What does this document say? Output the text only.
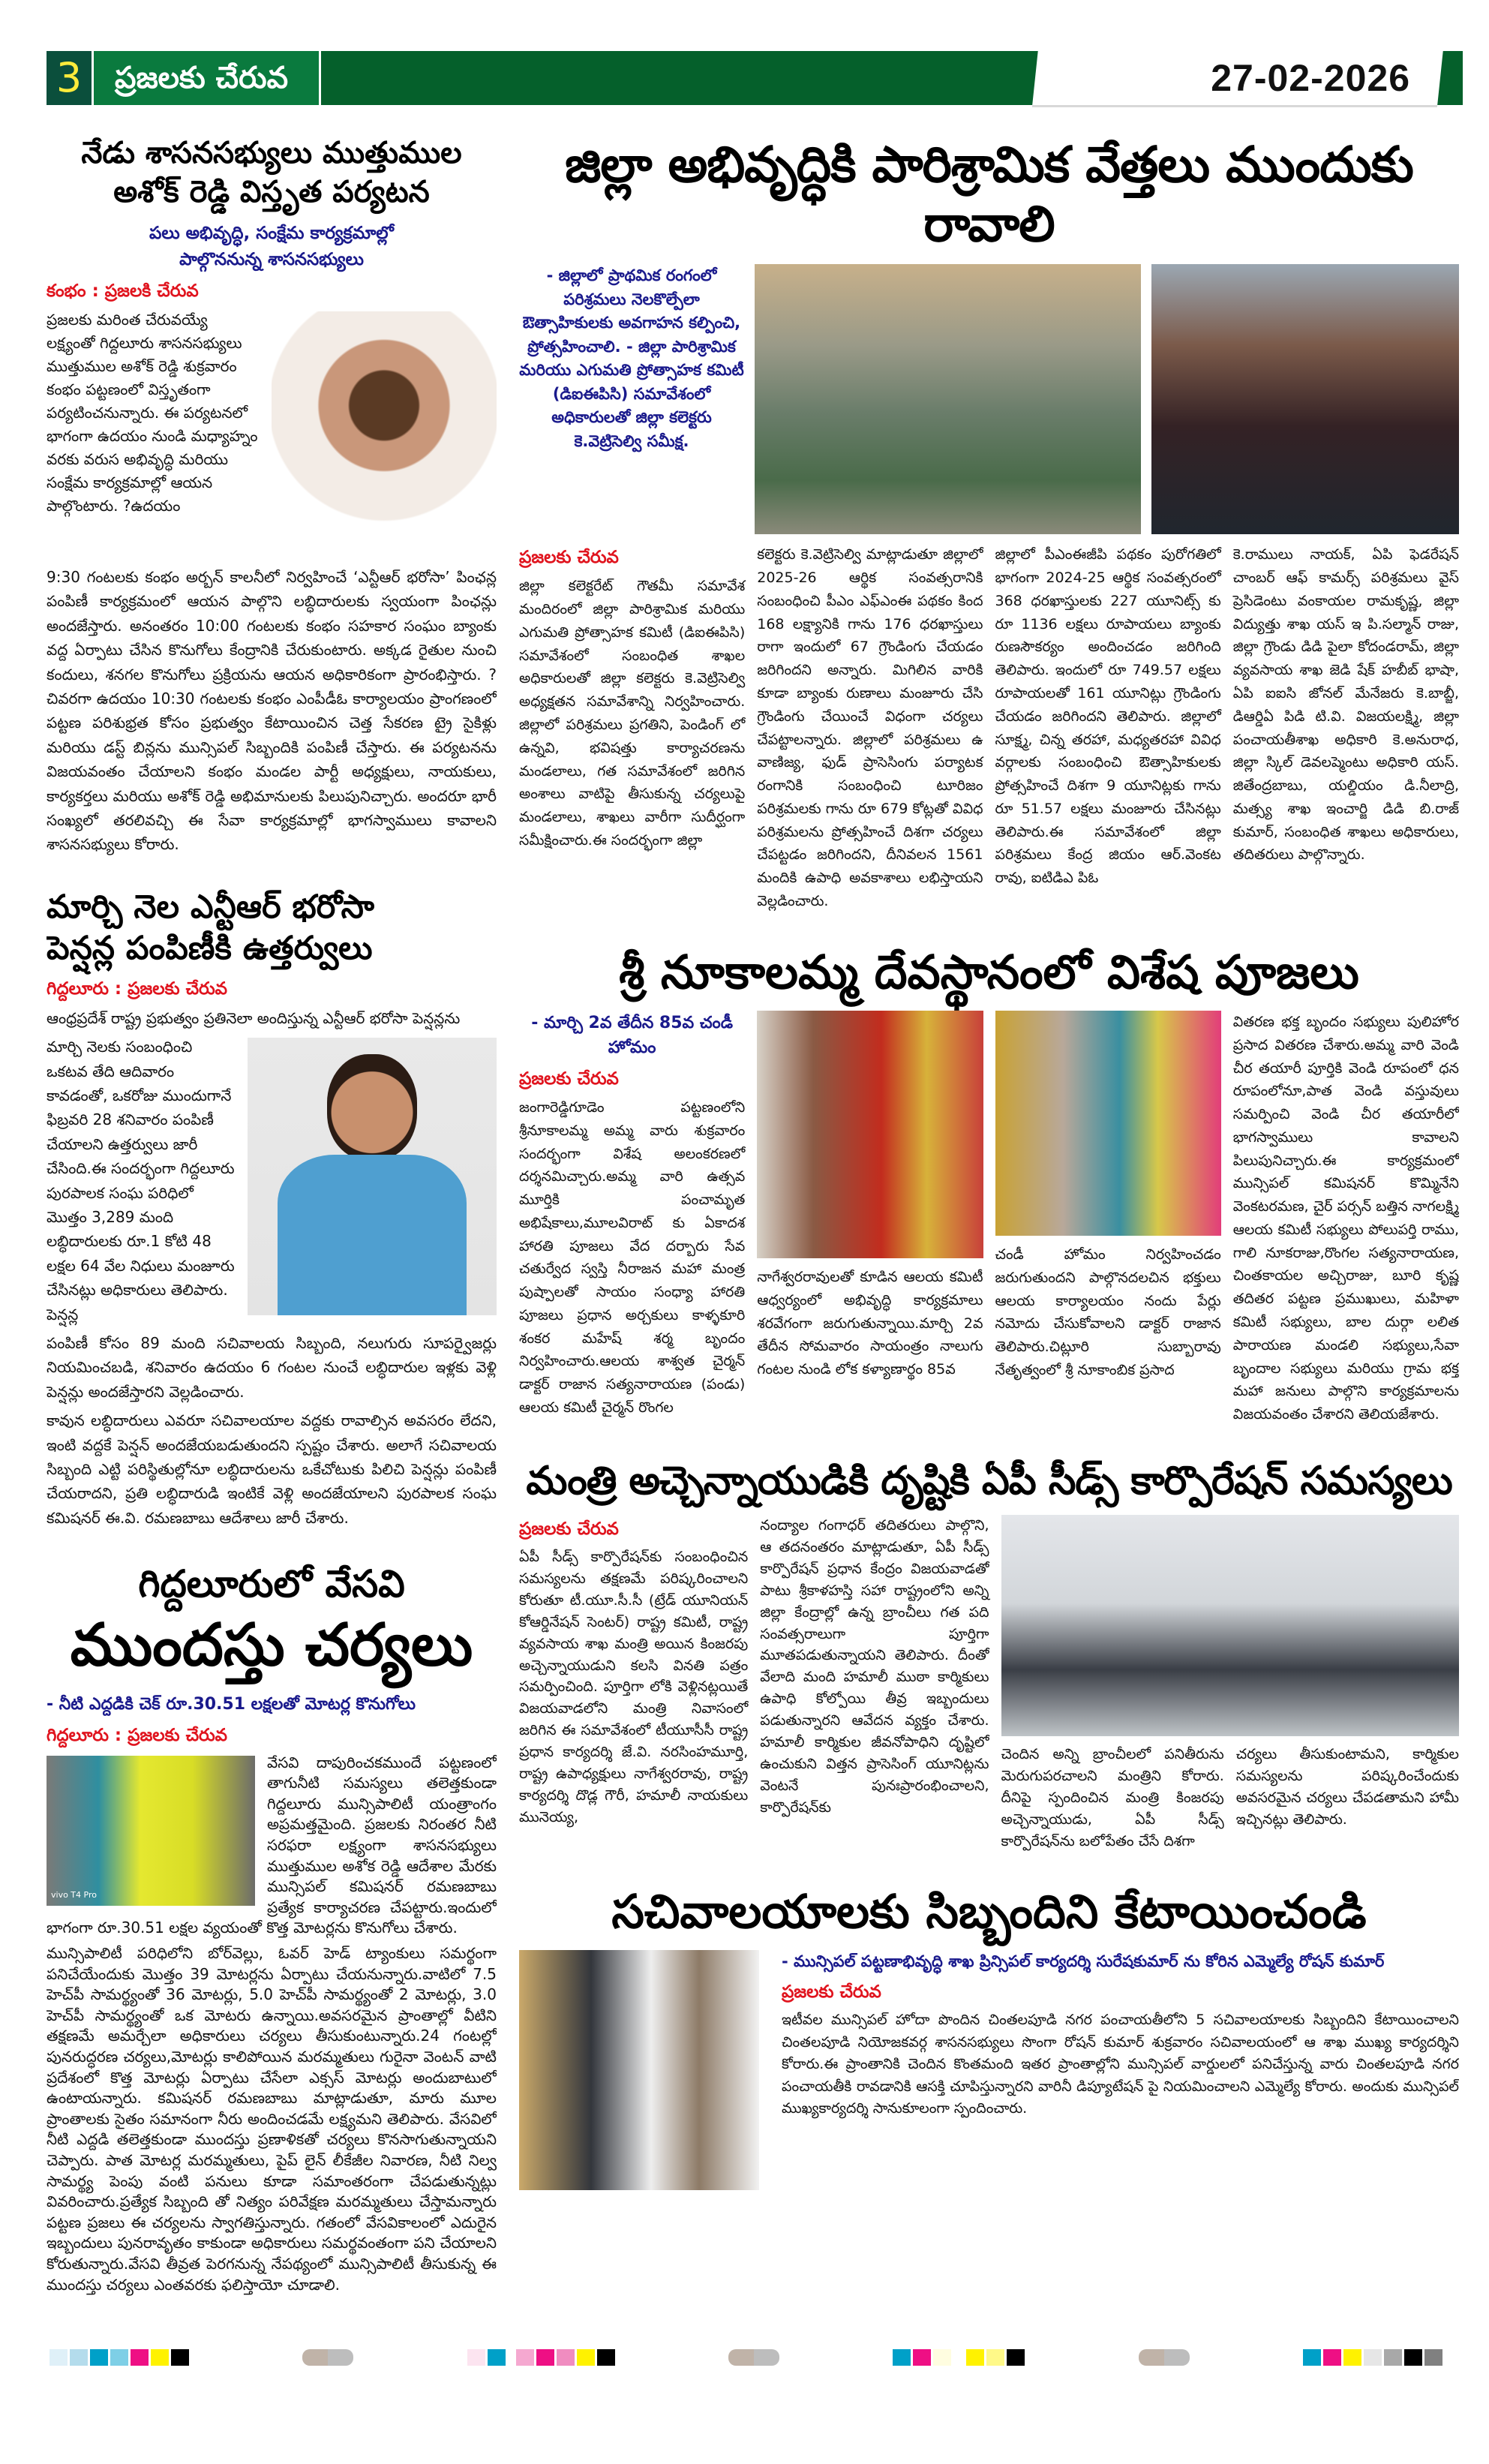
3	ప్రజలకు చేరువ	27-02-2026
నేడు శాసనసభ్యులు ముత్తుముల
అశోక్ రెడ్డి విస్తృత పర్యటన
పలు అభివృద్ధి, సంక్షేమ కార్యక్రమాల్లో పాల్గొననున్న శాసనసభ్యులు
కంభం : ప్రజలకి చేరువ
ప్రజలకు మరింత చేరువయ్యే లక్ష్యంతో గిద్దలూరు శాసనసభ్యులు ముత్తుముల అశోక్ రెడ్డి శుక్రవారం కంభం పట్టణంలో విస్తృతంగా పర్యటించనున్నారు. ఈ పర్యటనలో భాగంగా ఉదయం నుండి మధ్యాహ్నం వరకు వరుస అభివృద్ధి మరియు సంక్షేమ కార్యక్రమాల్లో ఆయన పాల్గొంటారు. ?ఉదయం
9:30 గంటలకు కంభం అర్బన్ కాలనీలో నిర్వహించే ‘ఎన్టీఆర్ భరోసా’ పింఛన్ల పంపిణీ కార్యక్రమంలో ఆయన పాల్గొని లబ్ధిదారులకు స్వయంగా పింఛన్లు అందజేస్తారు. అనంతరం 10:00 గంటలకు కంభం సహకార సంఘం బ్యాంకు వద్ద ఏర్పాటు చేసిన కొనుగోలు కేంద్రానికి చేరుకుంటారు. అక్కడ రైతుల నుంచి కందులు, శనగల కొనుగోలు ప్రక్రియను ఆయన అధికారికంగా ప్రారంభిస్తారు. ?చివరగా ఉదయం 10:30 గంటలకు కంభం ఎంపీడీఓ కార్యాలయం ప్రాంగణంలో పట్టణ పరిశుభ్రత కోసం ప్రభుత్వం కేటాయించిన చెత్త సేకరణ ట్రై సైకిళ్లు మరియు డస్ట్ బిన్లను మున్సిపల్ సిబ్బందికి పంపిణీ చేస్తారు. ఈ పర్యటనను విజయవంతం చేయాలని కంభం మండల పార్టీ అధ్యక్షులు, నాయకులు, కార్యకర్తలు మరియు అశోక్ రెడ్డి అభిమానులకు పిలుపునిచ్చారు. అందరూ భారీ సంఖ్యలో తరలివచ్చి ఈ సేవా కార్యక్రమాల్లో భాగస్వాములు కావాలని శాసనసభ్యులు కోరారు.
మార్చి నెల ఎన్టీఆర్ భరోసా
పెన్షన్ల పంపిణీకి ఉత్తర్వులు
గిద్దలూరు : ప్రజలకు చేరువ
ఆంధ్రప్రదేశ్ రాష్ట్ర ప్రభుత్వం ప్రతినెలా అందిస్తున్న ఎన్టీఆర్ భరోసా పెన్షన్లను
మార్చి నెలకు సంబంధించి ఒకటవ తేది ఆదివారం కావడంతో, ఒకరోజు ముందుగానే ఫిబ్రవరి 28 శనివారం పంపిణీ చేయాలని ఉత్తర్వులు జారీ చేసింది.ఈ సందర్భంగా గిద్దలూరు పురపాలక సంఘ పరిధిలో మొత్తం 3,289 మంది లబ్ధిదారులకు రూ.1 కోటి 48 లక్షల 64 వేల నిధులు మంజూరు చేసినట్లు అధికారులు తెలిపారు. పెన్షన్ల
పంపిణీ కోసం 89 మంది సచివాలయ సిబ్బంది, నలుగురు సూపర్వైజర్లు నియమించబడి, శనివారం ఉదయం 6 గంటల నుంచే లబ్ధిదారుల ఇళ్లకు వెళ్లి పెన్షన్లు అందజేస్తారని వెల్లడించారు.
కావున లబ్ధిదారులు ఎవరూ సచివాలయాల వద్దకు రావాల్సిన అవసరం లేదని, ఇంటి వద్దకే పెన్షన్ అందజేయబడుతుందని స్పష్టం చేశారు. అలాగే సచివాలయ సిబ్బంది ఎట్టి పరిస్థితుల్లోనూ లబ్ధిదారులను ఒకేచోటుకు పిలిచి పెన్షన్లు పంపిణీ చేయరాదని, ప్రతి లబ్ధిదారుడి ఇంటికే వెళ్లి అందజేయాలని పురపాలక సంఘ కమిషనర్ ఈ.వి. రమణబాబు ఆదేశాలు జారీ చేశారు.
గిద్దలూరులో వేసవి
ముందస్తు చర్యలు
- నీటి ఎద్దడికి చెక్ రూ.30.51 లక్షలతో మోటర్ల కొనుగోలు
గిద్దలూరు : ప్రజలకు చేరువ
vivo T4 Pro
వేసవి దాపురించకముందే పట్టణంలో తాగునీటి సమస్యలు తలెత్తకుండా గిద్దలూరు మున్సిపాలిటీ యంత్రాంగం అప్రమత్తమైంది. ప్రజలకు నిరంతర నీటి సరఫరా లక్ష్యంగా శాసనసభ్యులు ముత్తుముల అశోక రెడ్డి ఆదేశాల మేరకు మున్సిపల్ కమిషనర్ రమణబాబు ప్రత్యేక కార్యాచరణ చేపట్టారు.ఇందులో భాగంగా రూ.30.51 లక్షల వ్యయంతో కొత్త మోటర్లను కొనుగోలు చేశారు.
మున్సిపాలిటీ పరిధిలోని బోర్‌వెల్లు, ఓవర్ హెడ్ ట్యాంకులు సమర్థంగా పనిచేయేందుకు మొత్తం 39 మోటర్లను ఏర్పాటు చేయనున్నారు.వాటిలో 7.5 హెచ్‌పీ సామర్థ్యంతో 36 మోటర్లు, 5.0 హెచ్‌పీ సామర్థ్యంతో 2 మోటర్లు, 3.0 హెచ్‌పీ సామర్థ్యంతో ఒక మోటరు ఉన్నాయి.అవసరమైన ప్రాంతాల్లో వీటిని తక్షణమే అమర్చేలా అధికారులు చర్యలు తీసుకుంటున్నారు.24 గంటల్లో పునరుద్ధరణ చర్యలు,మోటర్లు కాలిపోయిన మరమ్మతులు గురైనా వెంటన్ వాటి ప్రదేశంలో కొత్త మోటర్లు ఏర్పాటు చేసేలా ఎక్సస్ మోటర్లు అందుబాటులో ఉంటాయన్నారు. కమిషనర్ రమణబాబు మాట్లాడుతూ, మారు మూల ప్రాంతాలకు సైతం సమానంగా నీరు అందించడమే లక్ష్యమని తెలిపారు. వేసవిలో నీటి ఎద్దడి తలెత్తకుండా ముందస్తు ప్రణాళికతో చర్యలు కొనసాగుతున్నాయని చెప్పారు. పాత మోటర్ల మరమ్మతులు, పైప్ లైన్ లీకేజీల నివారణ, నీటి నిల్వ సామర్థ్య పెంపు వంటి పనులు కూడా సమాంతరంగా చేపడుతున్నట్లు వివరించారు.ప్రత్యేక సిబ్బంది తో నిత్యం పరివేక్షణ మరమ్మతులు చేస్తామన్నారు పట్టణ ప్రజలు ఈ చర్యలను స్వాగతిస్తున్నారు. గతంలో వేసవికాలంలో ఎదురైన ఇబ్బందులు పునరావృతం కాకుండా అధికారులు సమర్థవంతంగా పని చేయాలని కోరుతున్నారు.వేసవి తీవ్రత పెరగనున్న నేపథ్యంలో మున్సిపాలిటీ తీసుకున్న ఈ ముందస్తు చర్యలు ఎంతవరకు ఫలిస్తాయో చూడాలి.
జిల్లా అభివృద్ధికి పారిశ్రామిక వేత్తలు ముందుకు రావాలి
- జిల్లాలో ప్రాథమిక రంగంలో పరిశ్రమలు నెలకొల్పేలా ఔత్సాహికులకు అవగాహన కల్పించి, ప్రోత్సహించాలి. - జిల్లా పారిశ్రామిక మరియు ఎగుమతి ప్రోత్సాహక కమిటీ (డిఐఈపిసి) సమావేశంలో అధికారులతో జిల్లా కలెక్టరు కె.వెట్రిసెల్వి సమీక్ష.
ప్రజలకు చేరువ
జిల్లా కలెక్టరేట్ గౌతమీ సమావేశ మందిరంలో జిల్లా పారిశ్రామిక మరియు ఎగుమతి ప్రోత్సాహక కమిటీ (డిఐఈపిసి) సమావేశంలో సంబంధిత శాఖల అధికారులతో జిల్లా కలెక్టరు కె.వెట్రిసెల్వి అధ్యక్షతన సమావేశాన్ని నిర్వహించారు. జిల్లాలో పరిశ్రమలు ప్రగతిని, పెండింగ్ లో ఉన్నవి, భవిషత్తు కార్యాచరణను మండలాలు, గత సమావేశంలో జరిగిన అంశాలు వాటిపై తీసుకున్న చర్యలుపై మండలాలు, శాఖలు వారీగా సుదీర్ఘంగా సమీక్షించారు.ఈ సందర్భంగా జిల్లా
కలెక్టరు కె.వెట్రిసెల్వి మాట్లాడుతూ జిల్లాలో 2025-26 ఆర్థిక సంవత్సరానికి సంబంధించి పీఎం ఎఫ్ఎంఈ పథకం కింద 168 లక్ష్యానికి గాను 176 ధరఖాస్తులు రాగా ఇందులో 67 గ్రౌండింగు చేయడం జరిగిందని అన్నారు. మిగిలిన వారికి కూడా బ్యాంకు రుణాలు మంజూరు చేసి గ్రౌండింగు చేయించే విధంగా చర్యలు చేపట్టాలన్నారు. జిల్లాలో పరిశ్రమలు ఉ వాణిజ్య, ఫుడ్ ప్రాసెసింగు పర్యాటక రంగానికి సంబంధించి టూరిజం పరిశ్రమలకు గాను రూ 679 కోట్లతో వివిధ పరిశ్రమలను ప్రోత్సహించే దిశగా చర్యలు చేపట్టడం జరిగిందని, దీనివలన 1561 మందికి ఉపాధి అవకాశాలు లభిస్తాయని వెల్లడించారు.
జిల్లాలో పీఎంఈజీపి పథకం పురోగతిలో భాగంగా 2024-25 ఆర్థిక సంవత్సరంలో 368 ధరఖాస్తులకు 227 యూనిట్స్ కు రూ 1136 లక్షలు రూపాయలు బ్యాంకు రుణసౌకర్యం అందించడం జరిగింది తెలిపారు. ఇందులో రూ 749.57 లక్షలు రూపాయలతో 161 యూనిట్లు గ్రౌండింగు చేయడం జరిగిందని తెలిపారు. జిల్లాలో సూక్ష్మ, చిన్న తరహా, మధ్యతరహా వివిధ వర్గాలకు సంబంధించి ఔత్సాహికులకు ప్రోత్సహించే దిశగా 9 యూనిట్లకు గాను రూ 51.57 లక్షలు మంజూరు చేసినట్లు తెలిపారు.ఈ సమావేశంలో జిల్లా పరిశ్రమలు కేంద్ర జియం ఆర్.వెంకట రావు, ఐటిడిఎ పిఓ
కె.రాములు నాయక్, ఏపి ఫెడరేషన్ చాంబర్ ఆఫ్ కామర్స్ పరిశ్రమలు వైస్ ప్రెసిడెంటు వంకాయల రామకృష్ణ, జిల్లా విద్యుత్తు శాఖ యస్ ఇ పి.సల్మాన్ రాజు, జిల్లా గ్రౌండు డిడి పైలా కోదండరామ్, జిల్లా వ్యవసాయ శాఖ జెడి షేక్ హబీబ్ భాషా, ఏపి ఐఐసి జోనల్ మేనేజరు కె.బాబ్జీ, డిఆర్డిఏ పిడి టి.వి. విజయలక్ష్మి, జిల్లా పంచాయతీశాఖ అధికారి కె.అనురాధ, జిల్లా స్కిల్ డెవలప్మెంటు అధికారి యస్. జితేంద్రబాబు, యల్డియం డి.నీలాద్రి, మత్స్య శాఖ ఇంచార్జి డిడి బి.రాజ్ కుమార్, సంబంధిత శాఖలు అధికారులు, తదితరులు పాల్గొన్నారు.
శ్రీ నూకాలమ్మ దేవస్థానంలో విశేష పూజలు
- మార్చి 2వ తేదీన 85వ చండీ హోమం
ప్రజలకు చేరువ
జంగారెడ్డిగూడెం పట్టణంలోని శ్రీనూకాలమ్మ అమ్మ వారు శుక్రవారం సందర్భంగా విశేష అలంకరణలో దర్శనమిచ్చారు.అమ్మ వారి ఉత్సవ మూర్తికి పంచామృత అభిషేకాలు,మూలవిరాట్ కు ఏకాదశ హారతి పూజలు వేద దర్బారు సేవ చతుర్వేద స్వస్తి నీరాజన మహా మంత్ర పుష్పాలతో సాయం సంధ్యా హారతి పూజలు ప్రధాన అర్చకులు కాళ్ళకూరి శంకర మహేష్ శర్మ బృందం నిర్వహించారు.ఆలయ శాశ్వత చైర్మన్ డాక్టర్ రాజాన సత్యనారాయణ (పండు) ఆలయ కమిటీ చైర్మన్ రొంగల
నాగేశ్వరరావులతో కూడిన ఆలయ కమిటీ ఆధ్వర్యంలో అభివృద్ధి కార్యక్రమాలు శరవేగంగా జరుగుతున్నాయి.మార్చి 2వ తేదీన సోమవారం సాయంత్రం నాలుగు గంటల నుండి లోక కళ్యాణార్థం 85వ
చండీ హోమం నిర్వహించడం జరుగుతుందని పాల్గొనదలచిన భక్తులు ఆలయ కార్యాలయం నందు పేర్లు నమోదు చేసుకోవాలని డాక్టర్ రాజాన తెలిపారు.చిట్లూరి సుబ్బారావు నేతృత్వంలో శ్రీ నూకాంబిక ప్రసాద
వితరణ భక్త బృందం సభ్యులు పులిహోర ప్రసాద వితరణ చేశారు.అమ్మ వారి వెండి చీర తయారీ పూర్తికి వెండి రూపంలో ధన రూపంలోనూ,పాత వెండి వస్తువులు సమర్పించి వెండి చీర తయారీలో భాగస్వాములు కావాలని పిలుపునిచ్చారు.ఈ కార్యక్రమంలో మున్సిపల్ కమిషనర్ కొమ్మినేని వెంకటరమణ, చైర్ పర్సన్ బత్తిన నాగలక్ష్మి ఆలయ కమిటీ సభ్యులు పోలుపర్తి రాము, గాలి నూకరాజు,రొంగల సత్యనారాయణ, చింతకాయల అచ్చిరాజు, బూరి కృష్ణ తదితర పట్టణ ప్రముఖులు, మహిళా కమిటీ సభ్యులు, బాల దుర్గా లలిత పారాయణ మండలి సభ్యులు,సేవా బృందాల సభ్యులు మరియు గ్రామ భక్త మహా జనులు పాల్గొని కార్యక్రమాలను విజయవంతం చేశారని తెలియజేశారు.
మంత్రి అచ్చెన్నాయుడికి దృష్టికి ఏపీ సీడ్స్ కార్పొరేషన్ సమస్యలు
ప్రజలకు చేరువ
ఏపీ సీడ్స్ కార్పొరేషన్‌కు సంబంధించిన సమస్యలను తక్షణమే పరిష్కరించాలని కోరుతూ టీ.యూ.సీ.సీ (ట్రేడ్ యూనియన్ కోఆర్డినేషన్ సెంటర్) రాష్ట్ర కమిటీ, రాష్ట్ర వ్యవసాయ శాఖ మంత్రి అయిన కింజరపు అచ్చెన్నాయుడుని కలసి వినతి పత్రం సమర్పించింది. పూర్తిగా లోకి వెళ్లినట్లయితే విజయవాడలోని మంత్రి నివాసంలో జరిగిన ఈ సమావేశంలో టీయూసీసీ రాష్ట్ర ప్రధాన కార్యదర్శి జే.వి. నరసింహమూర్తి, రాష్ట్ర ఉపాధ్యక్షులు నాగేశ్వరరావు, రాష్ట్ర కార్యదర్శి దొడ్ల గౌరీ, హమాలీ నాయకులు మునెయ్య,
నంద్యాల గంగాధర్ తదితరులు పాల్గొని, ఆ తదనంతరం మాట్లాడుతూ, ఏపీ సీడ్స్ కార్పొరేషన్ ప్రధాన కేంద్రం విజయవాడతో పాటు శ్రీకాళహస్తి సహా రాష్ట్రంలోని అన్ని జిల్లా కేంద్రాల్లో ఉన్న బ్రాంచీలు గత పది సంవత్సరాలుగా పూర్తిగా మూతపడుతున్నాయని తెలిపారు. దీంతో వేలాది మంది హమాలీ ముఠా కార్మికులు ఉపాధి కోల్పోయి తీవ్ర ఇబ్బందులు పడుతున్నారని ఆవేదన వ్యక్తం చేశారు. హమాలీ కార్మికుల జీవనోపాధిని దృష్టిలో ఉంచుకుని విత్తన ప్రాసెసింగ్ యూనిట్లను వెంటనే పునఃప్రారంభించాలని, కార్పొరేషన్‌కు
చెందిన అన్ని బ్రాంచీలలో పనితీరును మెరుగుపరచాలని మంత్రిని కోరారు. దీనిపై స్పందించిన మంత్రి కింజరపు అచ్చెన్నాయుడు, ఏపీ సీడ్స్ కార్పొరేషన్‌ను బలోపేతం చేసే దిశగా
చర్యలు తీసుకుంటామని, కార్మికుల సమస్యలను పరిష్కరించేందుకు అవసరమైన చర్యలు చేపడతామని హామీ ఇచ్చినట్లు తెలిపారు.
సచివాలయాలకు సిబ్బందిని కేటాయించండి
- మున్సిపల్ పట్టణాభివృద్ధి శాఖ ప్రిన్సిపల్ కార్యదర్శి సురేషకుమార్ ను కోరిన ఎమ్మెల్యే రోషన్ కుమార్
ప్రజలకు చేరువ
ఇటీవల మున్సిపల్ హోదా పొందిన చింతలపూడి నగర పంచాయతీలోని 5 సచివాలయాలకు సిబ్బందిని కేటాయించాలని చింతలపూడి నియోజకవర్గ శాసనసభ్యులు సొంగా రోషన్ కుమార్ శుక్రవారం సచివాలయంలో ఆ శాఖ ముఖ్య కార్యదర్శిని కోరారు.ఈ ప్రాంతానికి చెందిన కొంతమంది ఇతర ప్రాంతాల్లోని మున్సిపల్ వార్డులలో పనిచేస్తున్న వారు చింతలపూడి నగర పంచాయతీకి రావడానికి ఆసక్తి చూపిస్తున్నారని వారినీ డిప్యూటేషన్ పై నియమించాలని ఎమ్మెల్యే కోరారు. అందుకు మున్సిపల్ ముఖ్యకార్యదర్శి సానుకూలంగా స్పందించారు.
